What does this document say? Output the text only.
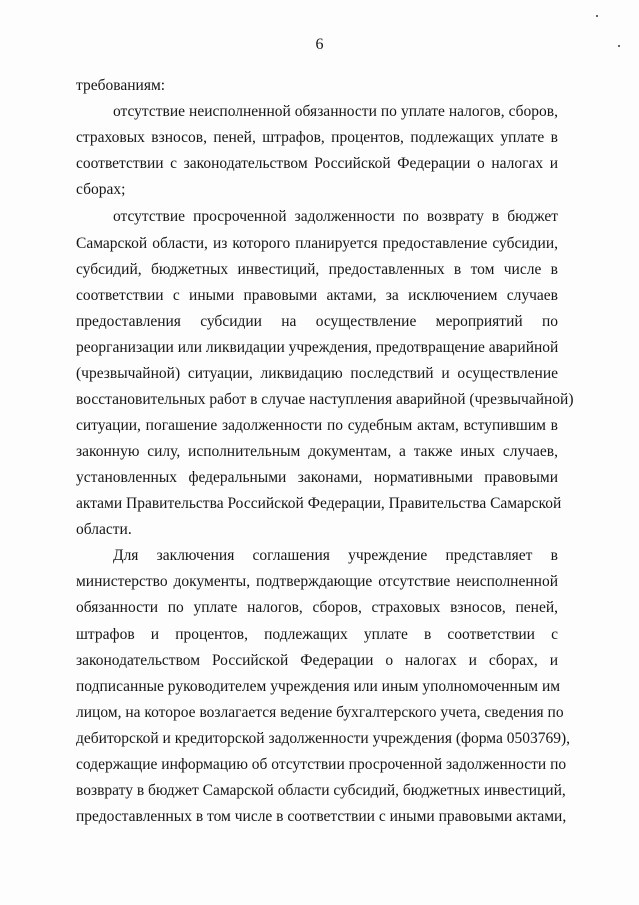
6
требованиям:
отсутствие неисполненной обязанности по уплате налогов, сборов,
страховых взносов, пеней, штрафов, процентов, подлежащих уплате в
соответствии с законодательством Российской Федерации о налогах и
сборах;
отсутствие просроченной задолженности по возврату в бюджет
Самарской области, из которого планируется предоставление субсидии,
субсидий, бюджетных инвестиций, предоставленных в том числе в
соответствии с иными правовыми актами, за исключением случаев
предоставления субсидии на осуществление мероприятий по
реорганизации или ликвидации учреждения, предотвращение аварийной
(чрезвычайной) ситуации, ликвидацию последствий и осуществление
восстановительных работ в случае наступления аварийной (чрезвычайной)
ситуации, погашение задолженности по судебным актам, вступившим в
законную силу, исполнительным документам, а также иных случаев,
установленных федеральными законами, нормативными правовыми
актами Правительства Российской Федерации, Правительства Самарской
области.
Для заключения соглашения учреждение представляет в
министерство документы, подтверждающие отсутствие неисполненной
обязанности по уплате налогов, сборов, страховых взносов, пеней,
штрафов и процентов, подлежащих уплате в соответствии с
законодательством Российской Федерации о налогах и сборах, и
подписанные руководителем учреждения или иным уполномоченным им
лицом, на которое возлагается ведение бухгалтерского учета, сведения по
дебиторской и кредиторской задолженности учреждения (форма 0503769),
содержащие информацию об отсутствии просроченной задолженности по
возврату в бюджет Самарской области субсидий, бюджетных инвестиций,
предоставленных в том числе в соответствии с иными правовыми актами,
